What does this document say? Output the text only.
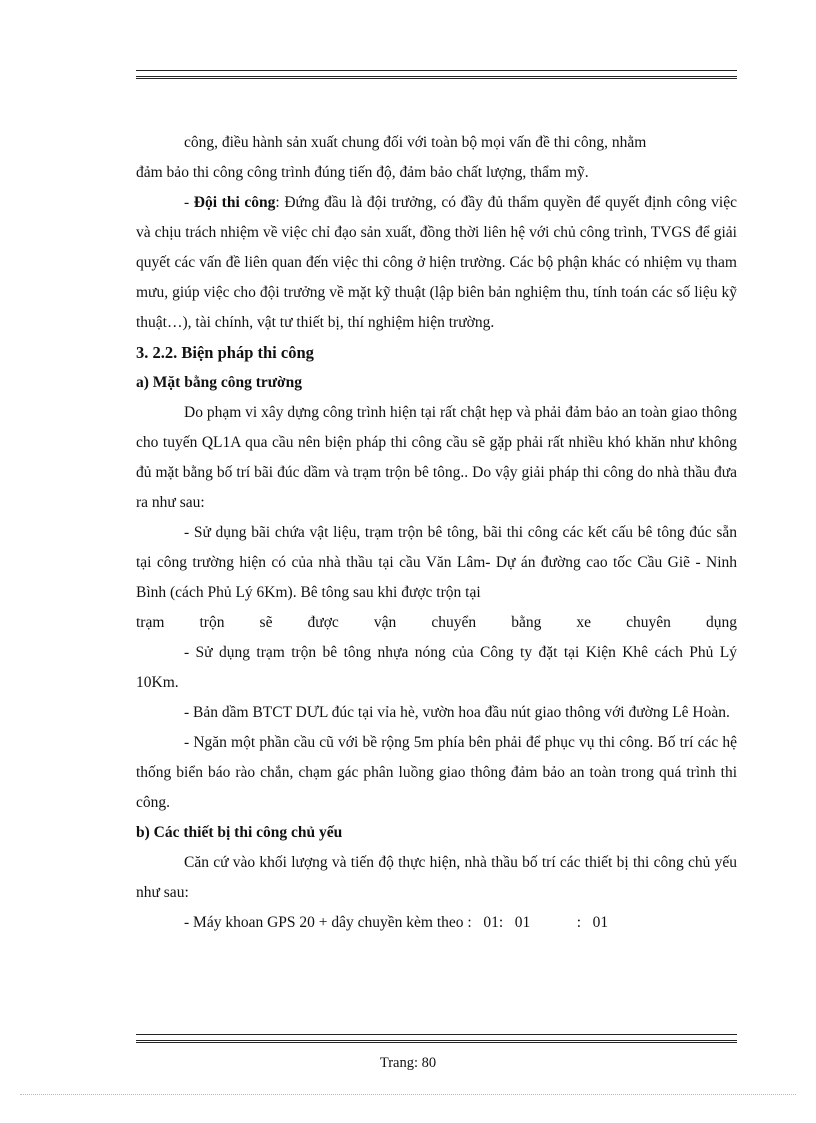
công, điều hành sản xuất chung đối với toàn bộ mọi vấn đề thi công, nhằm

đảm bảo thi công công trình đúng tiến độ, đảm bảo chất lượng, thẩm mỹ.

- Đội thi công: Đứng đầu là đội trưởng, có đầy đủ thẩm quyền để quyết định công việc và chịu trách nhiệm về việc chỉ đạo sản xuất, đồng thời liên hệ với chủ công trình, TVGS để giải quyết các vấn đề liên quan đến việc thi công ở hiện trường. Các bộ phận khác có nhiệm vụ tham mưu, giúp việc cho đội trưởng về mặt kỹ thuật (lập biên bản nghiệm thu, tính toán các số liệu kỹ thuật…), tài chính, vật tư thiết bị, thí nghiệm hiện trường.

3. 2.2. Biện pháp thi công

a) Mặt bằng công trường

Do phạm vi xây dựng công trình hiện tại rất chật hẹp và phải đảm bảo an toàn giao thông cho tuyến QL1A qua cầu nên biện pháp thi công cầu sẽ gặp phải rất nhiều khó khăn như không đủ mặt bằng bố trí bãi đúc dầm và trạm trộn bê tông.. Do vậy giải pháp thi công do nhà thầu đưa ra như sau:

- Sử dụng bãi chứa vật liệu, trạm trộn bê tông, bãi thi công các kết cấu bê tông đúc sẵn tại công trường hiện có của nhà thầu tại cầu Văn Lâm- Dự án đường cao tốc Cầu Giẽ - Ninh Bình (cách Phủ Lý 6Km). Bê tông sau khi được trộn tại

trạm trộn sẽ được vận chuyển bằng xe chuyên dụng

- Sử dụng trạm trộn bê tông nhựa nóng của Công ty đặt tại Kiện Khê cách Phủ Lý 10Km.

- Bản dầm BTCT DƯL đúc tại vỉa hè, vườn hoa đầu nút giao thông với đường Lê Hoàn.

- Ngăn một phần cầu cũ với bề rộng 5m phía bên phải để phục vụ thi công. Bố trí các hệ thống biển báo rào chắn, chạm gác phân luồng giao thông đảm bảo an toàn trong quá trình thi công.

b) Các thiết bị thi công chủ yếu

Căn cứ vào khối lượng và tiến độ thực hiện, nhà thầu bố trí các thiết bị thi công chủ yếu như sau:

- Máy khoan GPS 20 + dây chuyền kèm theo :   01:   01            :   01

Trang: 80
